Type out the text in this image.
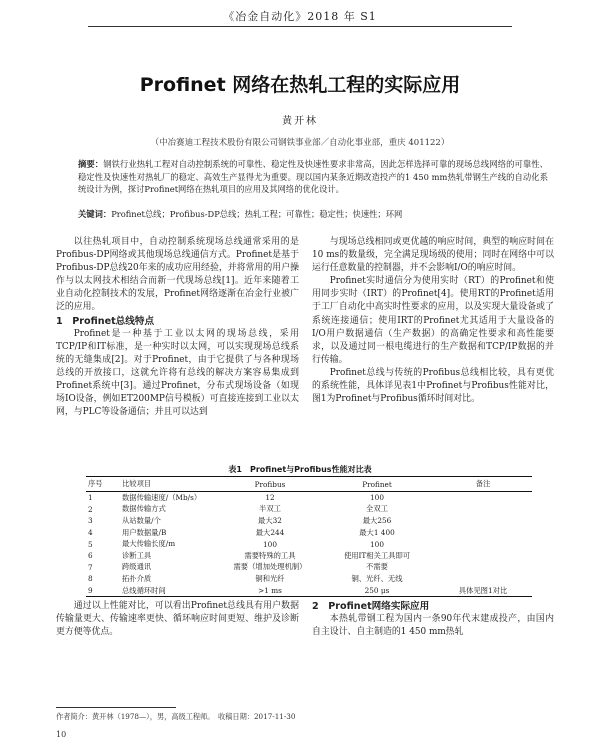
《冶金自动化》2018 年 S1
Profinet 网络在热轧工程的实际应用
黄开林
（中冶赛迪工程技术股份有限公司钢铁事业部／自动化事业部，重庆 401122）
摘要：钢铁行业热轧工程对自动控制系统的可靠性、稳定性及快速性要求非常高，因此怎样选择可靠的现场总线网络的可靠性、稳定性及快速性对热轧厂的稳定、高效生产显得尤为重要。现以国内某条近期改造投产的1 450 mm热轧带钢生产线的自动化系统设计为例，探讨Profinet网络在热轧项目的应用及其网络的优化设计。
关键词：Profinet总线；Profibus-DP总线；热轧工程；可靠性；稳定性；快速性；环网

以往热轧项目中，自动控制系统现场总线通常采用的是Profibus-DP网络或其他现场总线通信方式。Profinet是基于Profibus-DP总线20年来的成功应用经验，并将常用的用户操作与以太网技术相结合而新一代现场总线[1]。近年来随着工业自动化控制技术的发展，Profinet网络逐渐在冶金行业被广泛的应用。

1　Profinet总线特点

Profinet是一种基于工业以太网的现场总线，采用TCP/IP和IT标准，是一种实时以太网，可以实现现场总线系统的无缝集成[2]。对于Profinet，由于它提供了与各种现场总线的开放接口，这就允许将有总线的解决方案容易集成到Profinet系统中[3]。通过Profinet，分布式现场设备（如现场IO设备，例如ET200MP信号模板）可直接连接到工业以太网，与PLC等设备通信；并且可以达到

与现场总线相同或更优越的响应时间，典型的响应时间在10 ms的数量级，完全满足现场级的使用；同时在网络中可以运行任意数量的控制器，并不会影响I/O的响应时间。

Profinet实时通信分为使用实时（RT）的Profinet和使用同步实时（IRT）的Profinet[4]。使用RT的Profinet适用于工厂自动化中高实时性要求的应用，以及实现大量设备或了系统连接通信；使用IRT的Profinet尤其适用于大量设备的I/O用户数据通信（生产数据）的高确定性要求和高性能要求，以及通过同一根电缆进行的生产数据和TCP/IP数据的并行传输。

Profinet总线与传统的Profibus总线相比较，具有更优的系统性能，具体详见表1中Profinet与Profibus性能对比，图1为Profinet与Profibus循环时间对比。

表1　Profinet与Profibus性能对比表
序号	比较项目	Profibus	Profinet	备注
1	数据传输速度/（Mb/s）	12	100	
2	数据传输方式	半双工	全双工	
3	从站数量/个	最大32	最大256	
4	用户数据量/B	最大244	最大1 400	
5	最大传输长度/m	100	100	
6	诊断工具	需要特殊的工具	使用IT相关工具即可	
7	跨级通讯	需要（增加处理机制）	不需要	
8	拓扑介质	铜和光纤	铜、光纤、无线	
9	总线循环时间	>1 ms	250 μs	具体见图1对比

通过以上性能对比，可以看出Profinet总线具有用户数据传输量更大、传输速率更快、循环响应时间更短、维护及诊断更方便等优点。

2　Profinet网络实际应用

本热轧带钢工程为国内一条90年代末建成投产，由国内自主设计、自主制造的1 450 mm热轧

作者简介：黄开林（1978—），男，高级工程师。　收稿日期：2017-11-30
10
